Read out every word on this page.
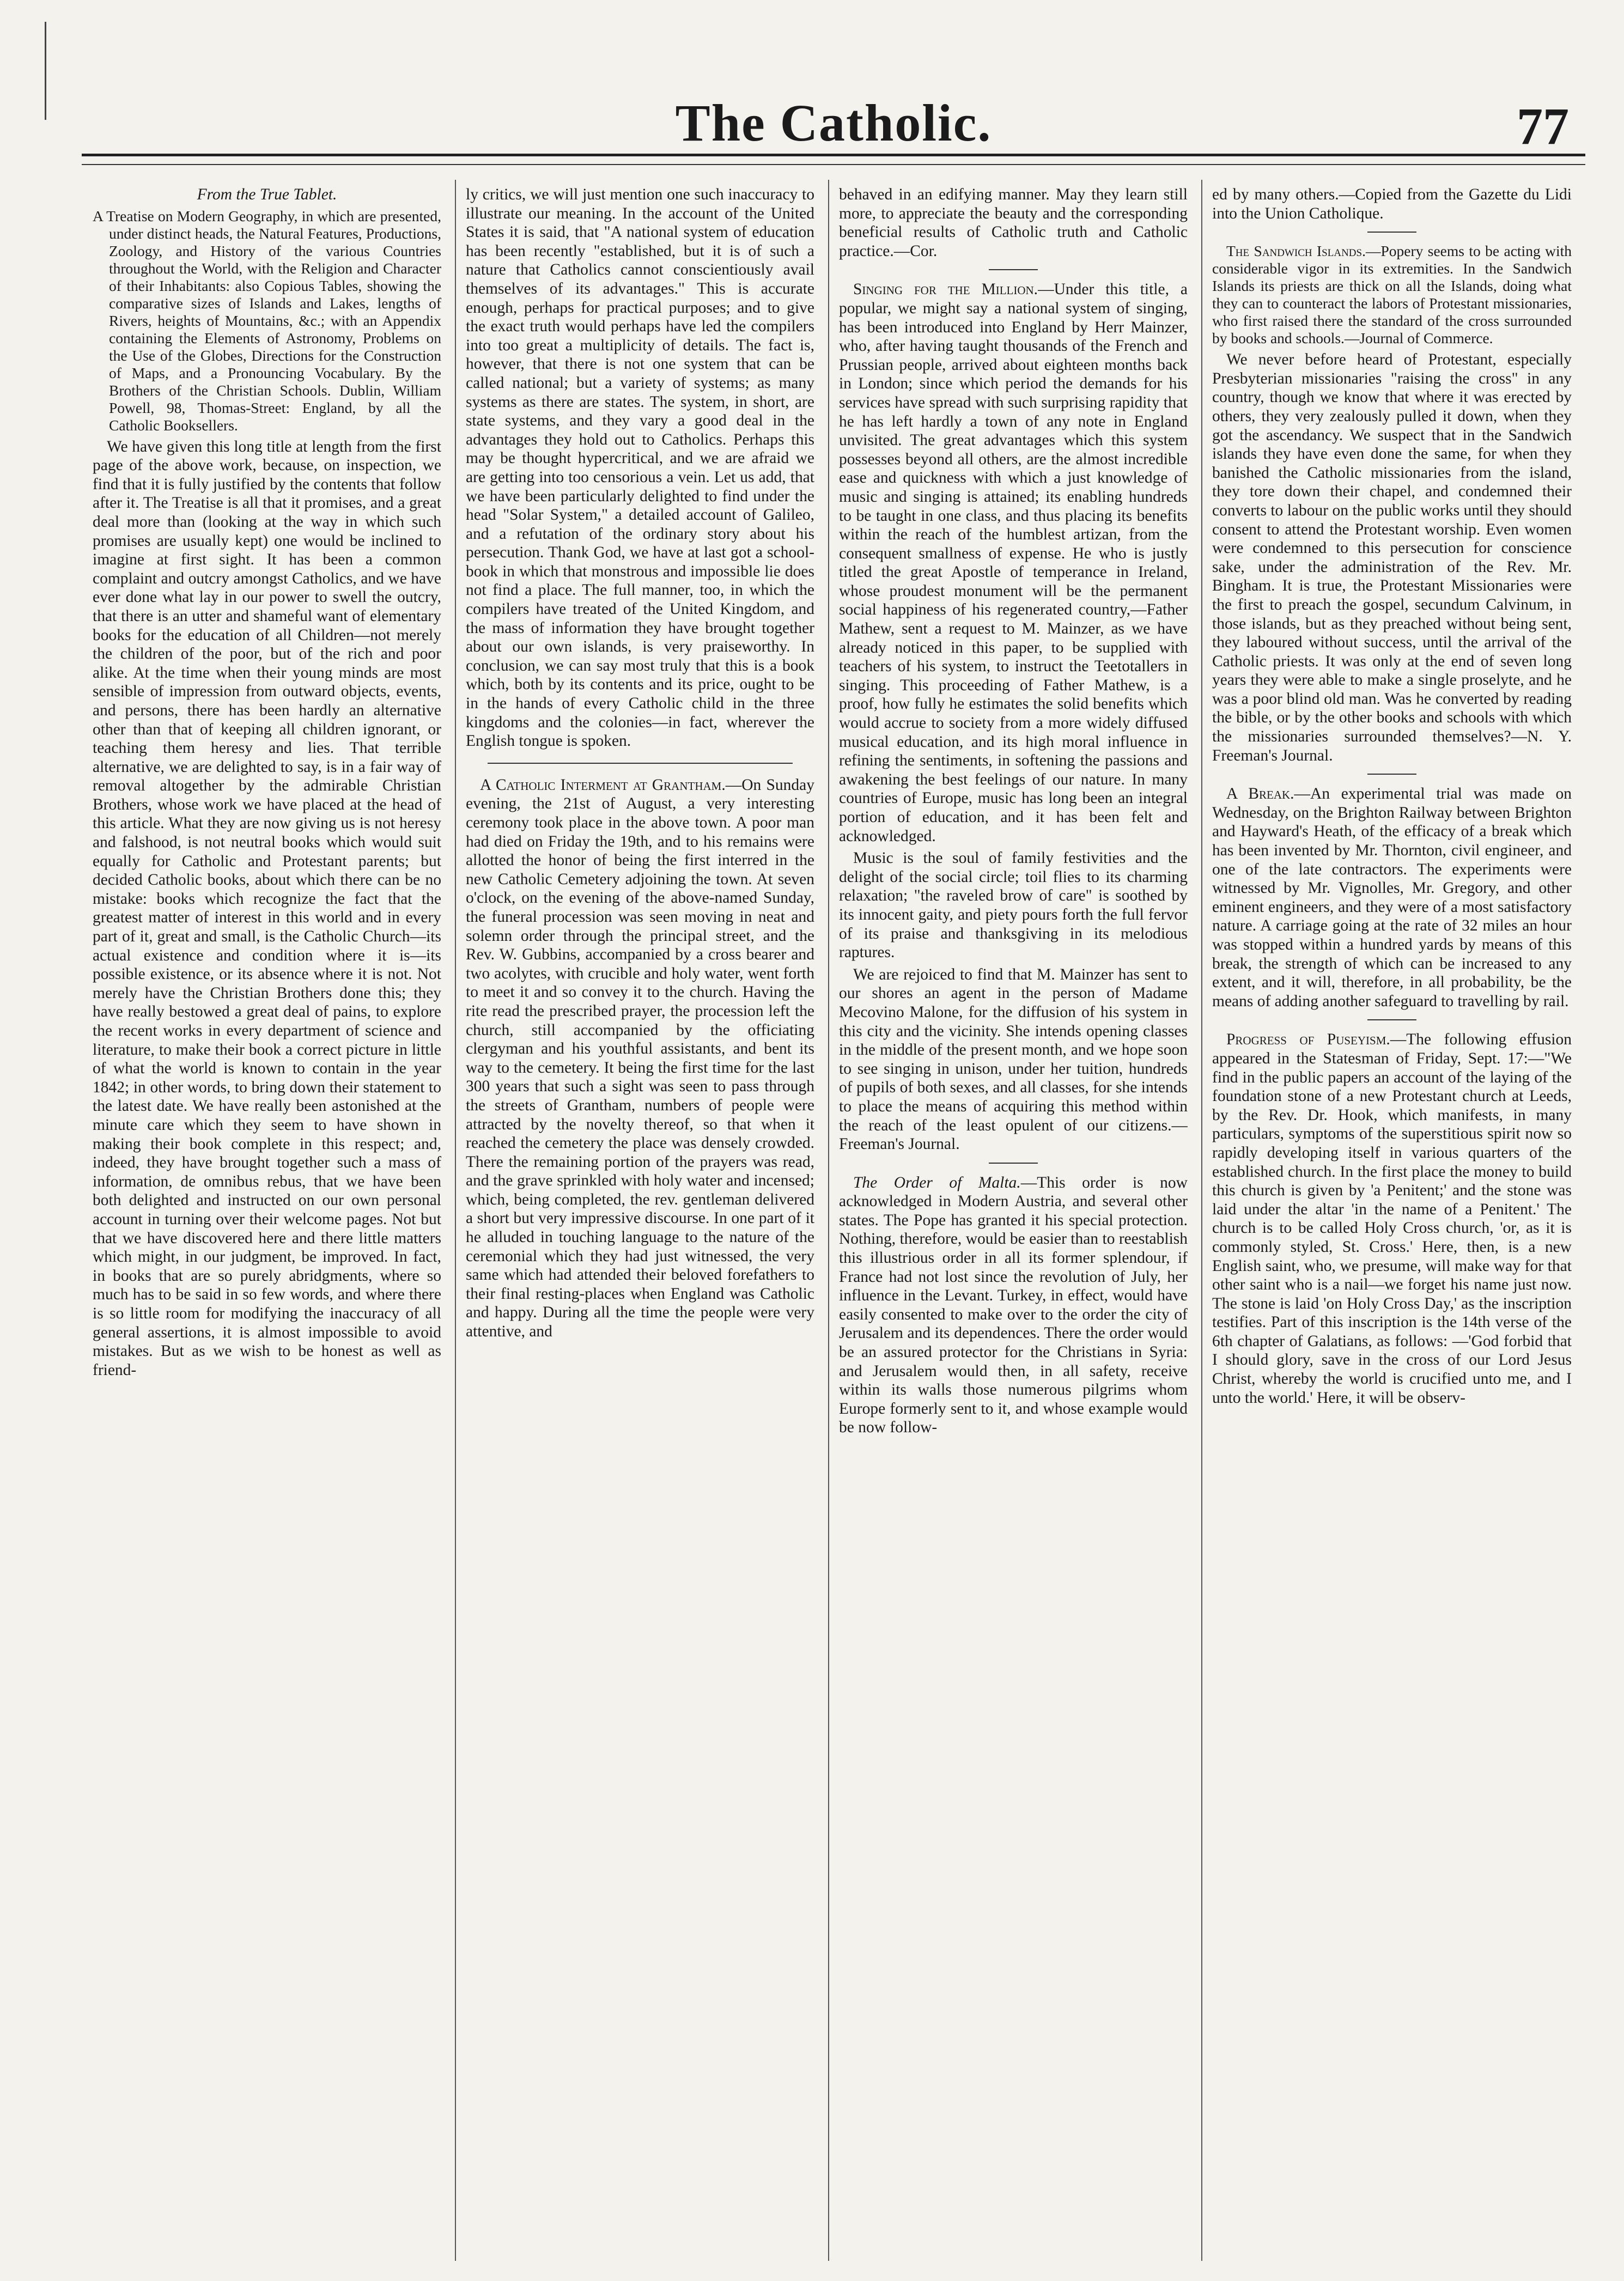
The Catholic.	77

From the True Tablet.

A Treatise on Modern Geography, in which are presented, under distinct heads, the Natural Features, Productions, Zoology, and History of the various Countries throughout the World, with the Religion and Character of their Inhabitants: also Copious Tables, showing the comparative sizes of Islands and Lakes, lengths of Rivers, heights of Mountains, &c.; with an Appendix containing the Elements of Astronomy, Problems on the Use of the Globes, Directions for the Construction of Maps, and a Pronouncing Vocabulary. By the Brothers of the Christian Schools. Dublin, William Powell, 98, Thomas-Street: England, by all the Catholic Booksellers.

We have given this long title at length from the first page of the above work, because, on inspection, we find that it is fully justified by the contents that follow after it. The Treatise is all that it promises, and a great deal more than (looking at the way in which such promises are usually kept) one would be inclined to imagine at first sight. It has been a common complaint and outcry amongst Catholics, and we have ever done what lay in our power to swell the outcry, that there is an utter and shameful want of elementary books for the education of all Children—not merely the children of the poor, but of the rich and poor alike. At the time when their young minds are most sensible of impression from outward objects, events, and persons, there has been hardly an alternative other than that of keeping all children ignorant, or teaching them heresy and lies. That terrible alternative, we are delighted to say, is in a fair way of removal altogether by the admirable Christian Brothers, whose work we have placed at the head of this article. What they are now giving us is not heresy and falshood, is not neutral books which would suit equally for Catholic and Protestant parents; but decided Catholic books, about which there can be no mistake: books which recognize the fact that the greatest matter of interest in this world and in every part of it, great and small, is the Catholic Church—its actual existence and condition where it is—its possible existence, or its absence where it is not. Not merely have the Christian Brothers done this; they have really bestowed a great deal of pains, to explore the recent works in every department of science and literature, to make their book a correct picture in little of what the world is known to contain in the year 1842; in other words, to bring down their statement to the latest date. We have really been astonished at the minute care which they seem to have shown in making their book complete in this respect; and, indeed, they have brought together such a mass of information, de omnibus rebus, that we have been both delighted and instructed on our own personal account in turning over their welcome pages. Not but that we have discovered here and there little matters which might, in our judgment, be improved. In fact, in books that are so purely abridgments, where so much has to be said in so few words, and where there is so little room for modifying the inaccuracy of all general assertions, it is almost impossible to avoid mistakes. But as we wish to be honest as well as friend-

ly critics, we will just mention one such inaccuracy to illustrate our meaning. In the account of the United States it is said, that "A national system of education has been recently "established, but it is of such a nature that Catholics cannot conscientiously avail themselves of its advantages." This is accurate enough, perhaps for practical purposes; and to give the exact truth would perhaps have led the compilers into too great a multiplicity of details. The fact is, however, that there is not one system that can be called national; but a variety of systems; as many systems as there are states. The system, in short, are state systems, and they vary a good deal in the advantages they hold out to Catholics. Perhaps this may be thought hypercritical, and we are afraid we are getting into too censorious a vein. Let us add, that we have been particularly delighted to find under the head "Solar System," a detailed account of Galileo, and a refutation of the ordinary story about his persecution. Thank God, we have at last got a school-book in which that monstrous and impossible lie does not find a place. The full manner, too, in which the compilers have treated of the United Kingdom, and the mass of information they have brought together about our own islands, is very praiseworthy. In conclusion, we can say most truly that this is a book which, both by its contents and its price, ought to be in the hands of every Catholic child in the three kingdoms and the colonies—in fact, wherever the English tongue is spoken.

A Catholic Interment at Grantham.—On Sunday evening, the 21st of August, a very interesting ceremony took place in the above town. A poor man had died on Friday the 19th, and to his remains were allotted the honor of being the first interred in the new Catholic Cemetery adjoining the town. At seven o'clock, on the evening of the above-named Sunday, the funeral procession was seen moving in neat and solemn order through the principal street, and the Rev. W. Gubbins, accompanied by a cross bearer and two acolytes, with crucible and holy water, went forth to meet it and so convey it to the church. Having the rite read the prescribed prayer, the procession left the church, still accompanied by the officiating clergyman and his youthful assistants, and bent its way to the cemetery. It being the first time for the last 300 years that such a sight was seen to pass through the streets of Grantham, numbers of people were attracted by the novelty thereof, so that when it reached the cemetery the place was densely crowded. There the remaining portion of the prayers was read, and the grave sprinkled with holy water and incensed; which, being completed, the rev. gentleman delivered a short but very impressive discourse. In one part of it he alluded in touching language to the nature of the ceremonial which they had just witnessed, the very same which had attended their beloved forefathers to their final resting-places when England was Catholic and happy. During all the time the people were very attentive, and

behaved in an edifying manner. May they learn still more, to appreciate the beauty and the corresponding beneficial results of Catholic truth and Catholic practice.—Cor.

Singing for the Million.—Under this title, a popular, we might say a national system of singing, has been introduced into England by Herr Mainzer, who, after having taught thousands of the French and Prussian people, arrived about eighteen months back in London; since which period the demands for his services have spread with such surprising rapidity that he has left hardly a town of any note in England unvisited. The great advantages which this system possesses beyond all others, are the almost incredible ease and quickness with which a just knowledge of music and singing is attained; its enabling hundreds to be taught in one class, and thus placing its benefits within the reach of the humblest artizan, from the consequent smallness of expense. He who is justly titled the great Apostle of temperance in Ireland, whose proudest monument will be the permanent social happiness of his regenerated country,—Father Mathew, sent a request to M. Mainzer, as we have already noticed in this paper, to be supplied with teachers of his system, to instruct the Teetotallers in singing. This proceeding of Father Mathew, is a proof, how fully he estimates the solid benefits which would accrue to society from a more widely diffused musical education, and its high moral influence in refining the sentiments, in softening the passions and awakening the best feelings of our nature. In many countries of Europe, music has long been an integral portion of education, and it has been felt and acknowledged.

Music is the soul of family festivities and the delight of the social circle; toil flies to its charming relaxation; "the raveled brow of care" is soothed by its innocent gaity, and piety pours forth the full fervor of its praise and thanksgiving in its melodious raptures.

We are rejoiced to find that M. Mainzer has sent to our shores an agent in the person of Madame Mecovino Malone, for the diffusion of his system in this city and the vicinity. She intends opening classes in the middle of the present month, and we hope soon to see singing in unison, under her tuition, hundreds of pupils of both sexes, and all classes, for she intends to place the means of acquiring this method within the reach of the least opulent of our citizens.—Freeman's Journal.

The Order of Malta.—This order is now acknowledged in Modern Austria, and several other states. The Pope has granted it his special protection. Nothing, therefore, would be easier than to reestablish this illustrious order in all its former splendour, if France had not lost since the revolution of July, her influence in the Levant. Turkey, in effect, would have easily consented to make over to the order the city of Jerusalem and its dependences. There the order would be an assured protector for the Christians in Syria: and Jerusalem would then, in all safety, receive within its walls those numerous pilgrims whom Europe formerly sent to it, and whose example would be now follow-

ed by many others.—Copied from the Gazette du Lidi into the Union Catholique.

The Sandwich Islands.—Popery seems to be acting with considerable vigor in its extremities. In the Sandwich Islands its priests are thick on all the Islands, doing what they can to counteract the labors of Protestant missionaries, who first raised there the standard of the cross surrounded by books and schools.—Journal of Commerce.

We never before heard of Protestant, especially Presbyterian missionaries "raising the cross" in any country, though we know that where it was erected by others, they very zealously pulled it down, when they got the ascendancy. We suspect that in the Sandwich islands they have even done the same, for when they banished the Catholic missionaries from the island, they tore down their chapel, and condemned their converts to labour on the public works until they should consent to attend the Protestant worship. Even women were condemned to this persecution for conscience sake, under the administration of the Rev. Mr. Bingham. It is true, the Protestant Missionaries were the first to preach the gospel, secundum Calvinum, in those islands, but as they preached without being sent, they laboured without success, until the arrival of the Catholic priests. It was only at the end of seven long years they were able to make a single proselyte, and he was a poor blind old man. Was he converted by reading the bible, or by the other books and schools with which the missionaries surrounded themselves?—N. Y. Freeman's Journal.

A Break.—An experimental trial was made on Wednesday, on the Brighton Railway between Brighton and Hayward's Heath, of the efficacy of a break which has been invented by Mr. Thornton, civil engineer, and one of the late contractors. The experiments were witnessed by Mr. Vignolles, Mr. Gregory, and other eminent engineers, and they were of a most satisfactory nature. A carriage going at the rate of 32 miles an hour was stopped within a hundred yards by means of this break, the strength of which can be increased to any extent, and it will, therefore, in all probability, be the means of adding another safeguard to travelling by rail.

Progress of Puseyism.—The following effusion appeared in the Statesman of Friday, Sept. 17:—"We find in the public papers an account of the laying of the foundation stone of a new Protestant church at Leeds, by the Rev. Dr. Hook, which manifests, in many particulars, symptoms of the superstitious spirit now so rapidly developing itself in various quarters of the established church. In the first place the money to build this church is given by 'a Penitent;' and the stone was laid under the altar 'in the name of a Penitent.' The church is to be called Holy Cross church, 'or, as it is commonly styled, St. Cross.' Here, then, is a new English saint, who, we presume, will make way for that other saint who is a nail—we forget his name just now. The stone is laid 'on Holy Cross Day,' as the inscription testifies. Part of this inscription is the 14th verse of the 6th chapter of Galatians, as follows: —'God forbid that I should glory, save in the cross of our Lord Jesus Christ, whereby the world is crucified unto me, and I unto the world.' Here, it will be observ-
